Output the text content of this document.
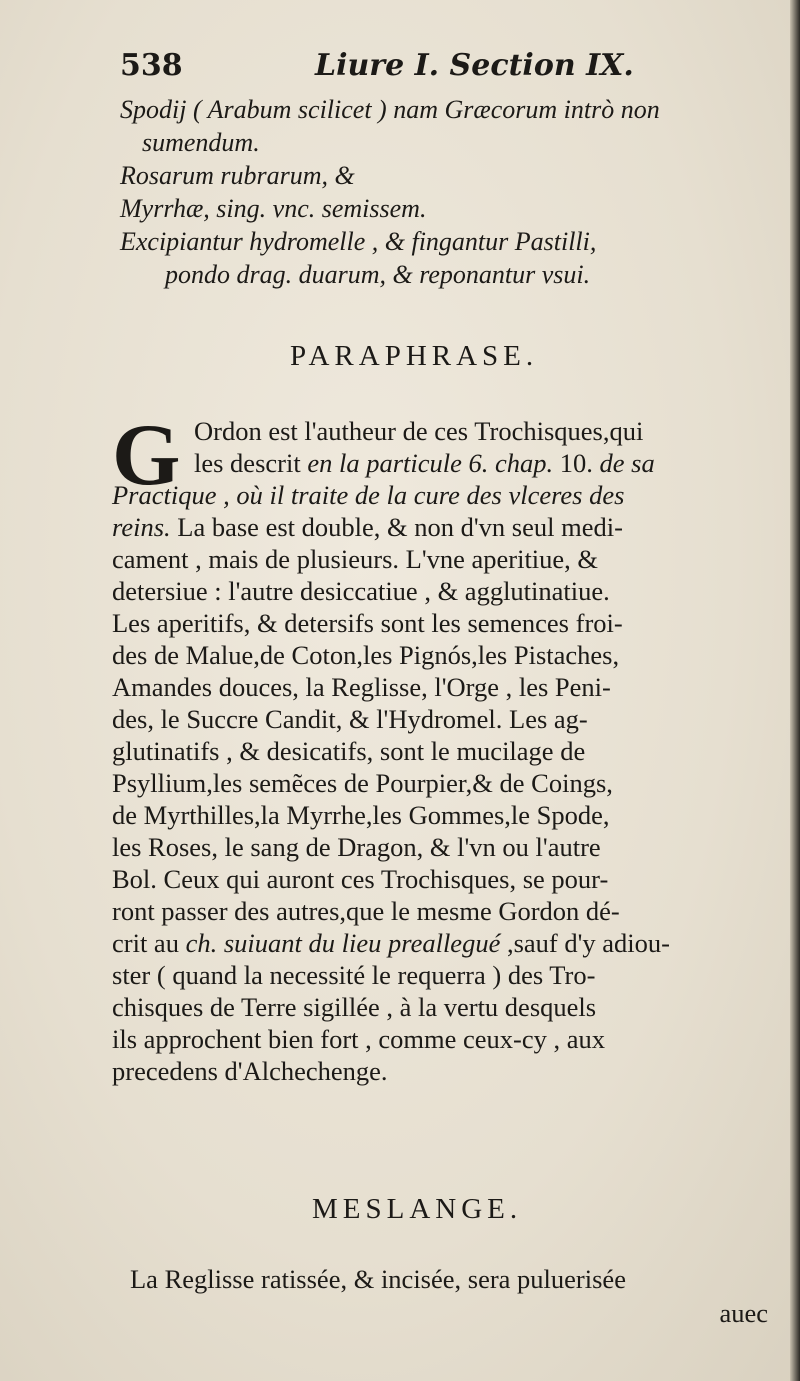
538	Liure I. Section IX.
Spodij ( Arabum scilicet ) nam Græcorum intrò non
sumendum.
Rosarum rubrarum, &
Myrrhæ, sing. vnc. semissem.
Excipiantur hydromelle , & fingantur Pastilli,
pondo drag. duarum, & reponantur vsui.
PARAPHRASE.
G Ordon est l'autheur de ces Trochisques,qui
les descrit en la particule 6. chap. 10. de sa
Practique , où il traite de la cure des vlceres des
reins. La base est double, & non d'vn seul medi-
cament , mais de plusieurs. L'vne aperitiue, &
detersiue : l'autre desiccatiue , & agglutinatiue.
Les aperitifs, & detersifs sont les semences froi-
des de Malue,de Coton,les Pignós,les Pistaches,
Amandes douces, la Reglisse, l'Orge , les Peni-
des, le Succre Candit, & l'Hydromel. Les ag-
glutinatifs , & desicatifs, sont le mucilage de
Psyllium,les semẽces de Pourpier,& de Coings,
de Myrthilles,la Myrrhe,les Gommes,le Spode,
les Roses, le sang de Dragon, & l'vn ou l'autre
Bol. Ceux qui auront ces Trochisques, se pour-
ront passer des autres,que le mesme Gordon dé-
crit au ch. suiuant du lieu preallegué ,sauf d'y adiou-
ster ( quand la necessité le requerra ) des Tro-
chisques de Terre sigillée , à la vertu desquels
ils approchent bien fort , comme ceux-cy , aux
precedens d'Alchechenge.
MESLANGE.
La Reglisse ratissée, & incisée, sera puluerisée
auec
